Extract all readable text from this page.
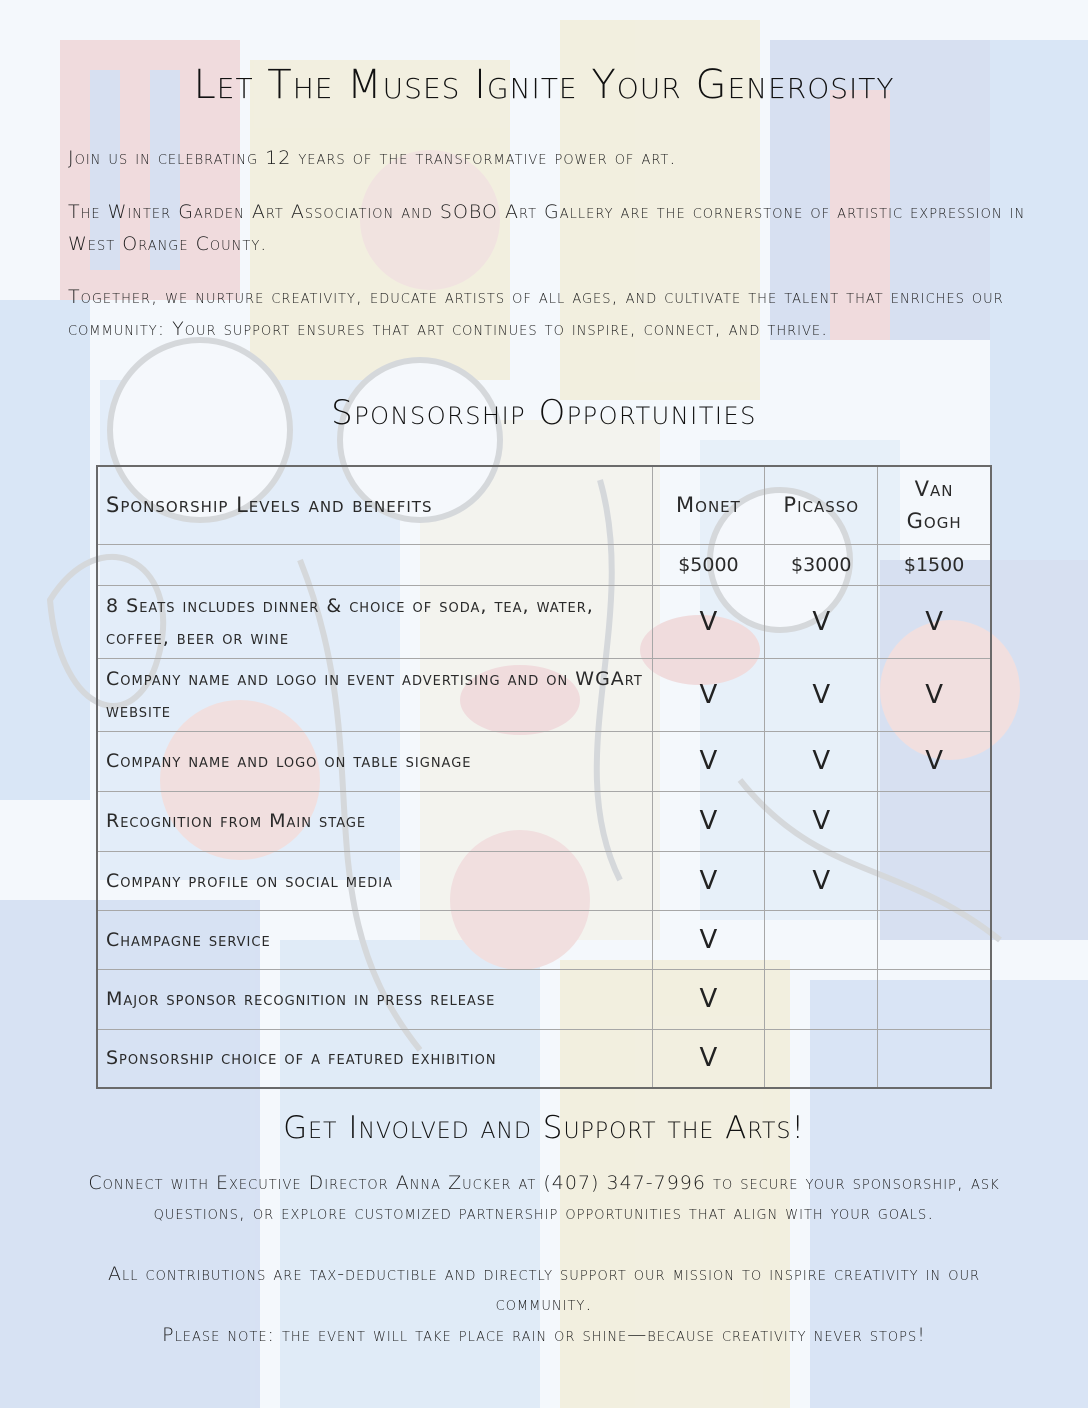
Let The Muses Ignite Your Generosity

Join us in celebrating 12 years of the transformative power of art.

The Winter Garden Art Association and SOBO Art Gallery are the cornerstone of artistic expression in West Orange County.

Together, we nurture creativity, educate artists of all ages, and cultivate the talent that enriches our community: Your support ensures that art continues to inspire, connect, and thrive.

Sponsorship Opportunities
Sponsorship Levels and benefits	Monet	Picasso	Van Gogh
	$5000	$3000	$1500
8 Seats includes dinner & choice of soda, tea, water, coffee, beer or wine	V	V	V
Company name and logo in event advertising and on WGArt website	V	V	V
Company name and logo on table signage	V	V	V
Recognition from Main stage	V	V	
Company profile on social media	V	V	
Champagne service	V		
Major sponsor recognition in press release	V		
Sponsorship choice of a featured exhibition	V		
Get Involved and Support the Arts!

Connect with Executive Director Anna Zucker at (407) 347-7996 to secure your sponsorship, ask questions, or explore customized partnership opportunities that align with your goals.

All contributions are tax-deductible and directly support our mission to inspire creativity in our community.

Please note: the event will take place rain or shine—because creativity never stops!
